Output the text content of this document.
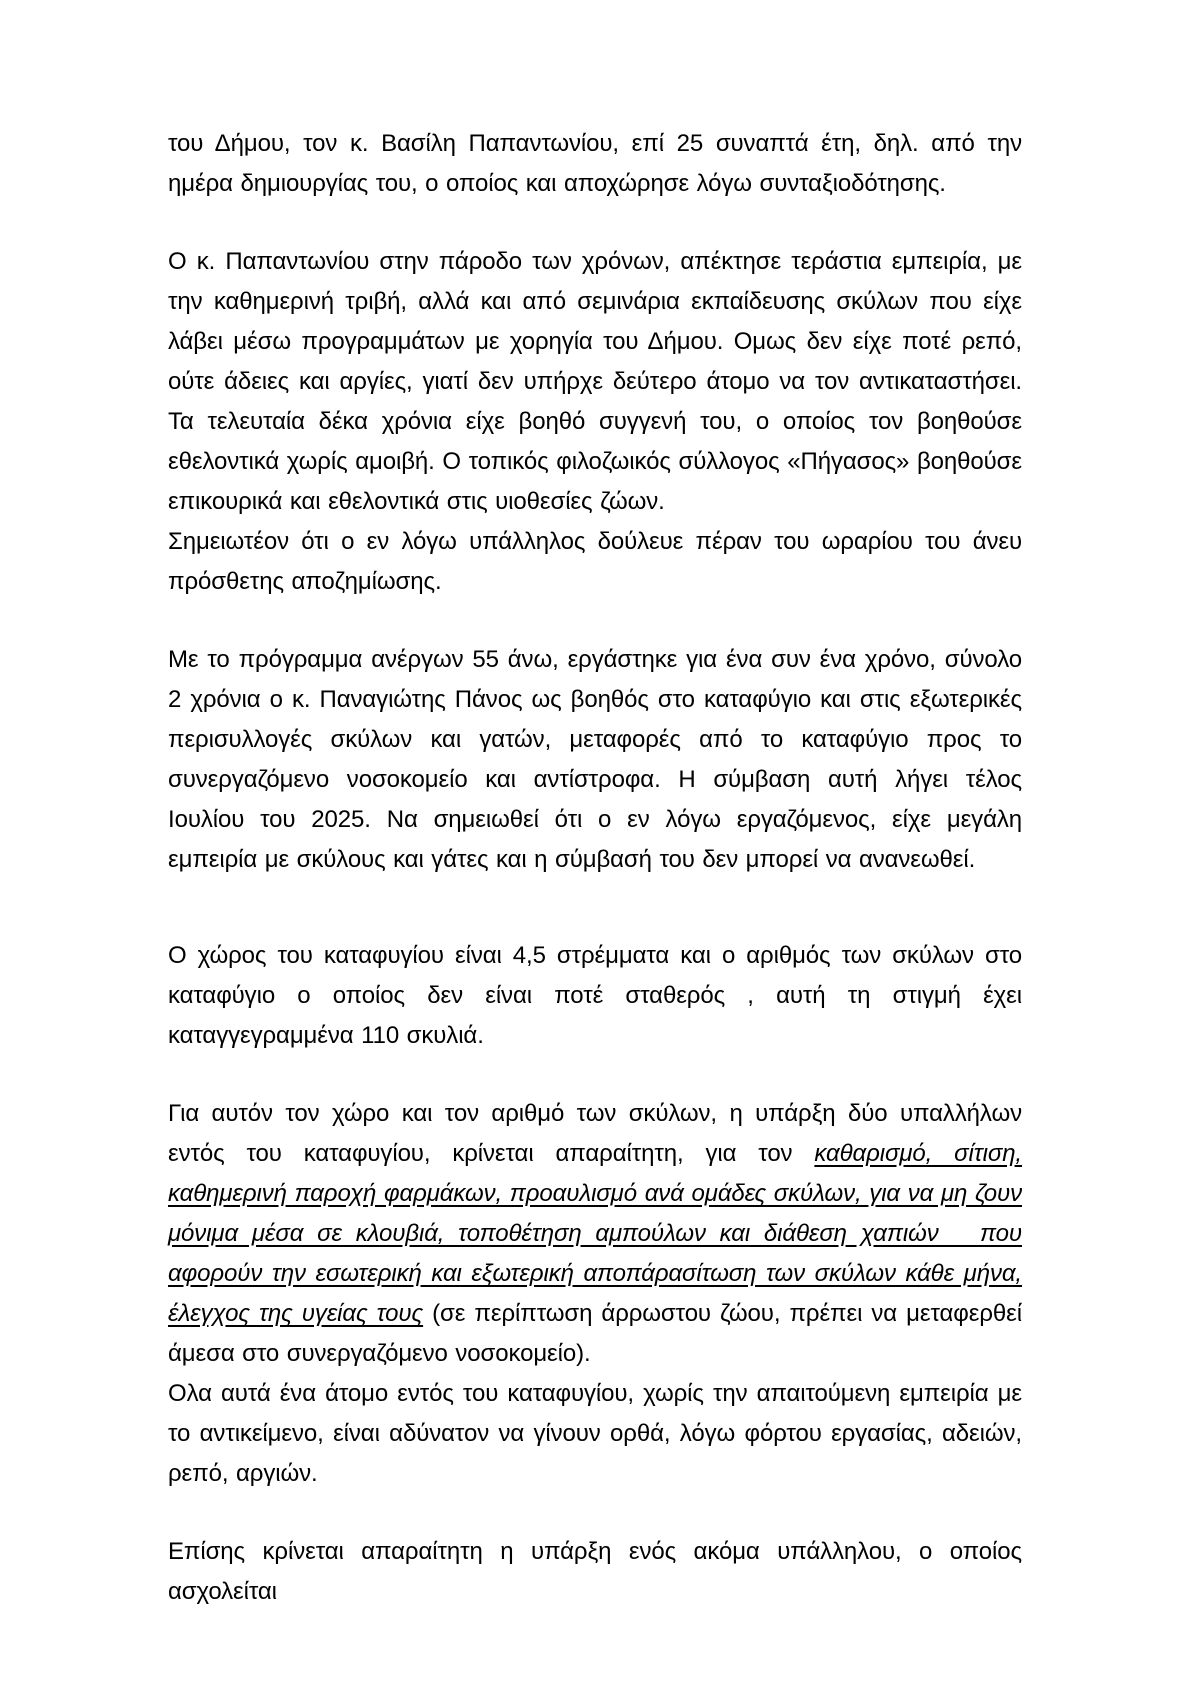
του Δήμου, τον κ. Βασίλη Παπαντωνίου, επί 25 συναπτά έτη, δηλ. από την ημέρα δημιουργίας του, ο οποίος και αποχώρησε λόγω συνταξιοδότησης.

Ο κ. Παπαντωνίου στην πάροδο των χρόνων, απέκτησε τεράστια εμπειρία, με την καθημερινή τριβή, αλλά και από σεμινάρια εκπαίδευσης σκύλων που είχε λάβει μέσω προγραμμάτων με χορηγία του Δήμου. Ομως δεν είχε ποτέ ρεπό, ούτε άδειες και αργίες, γιατί δεν υπήρχε δεύτερο άτομο να τον αντικαταστήσει. Τα τελευταία δέκα χρόνια είχε βοηθό συγγενή του, ο οποίος τον βοηθούσε εθελοντικά χωρίς αμοιβή. Ο τοπικός φιλοζωικός σύλλογος «Πήγασος» βοηθούσε επικουρικά και εθελοντικά στις υιοθεσίες ζώων.

Σημειωτέον ότι ο εν λόγω υπάλληλος δούλευε πέραν του ωραρίου του άνευ πρόσθετης αποζημίωσης.

Με το πρόγραμμα ανέργων 55 άνω, εργάστηκε για ένα συν ένα χρόνο, σύνολο 2 χρόνια ο κ. Παναγιώτης Πάνος ως βοηθός στο καταφύγιο και στις εξωτερικές περισυλλογές σκύλων και γατών, μεταφορές από το καταφύγιο προς το συνεργαζόμενο νοσοκομείο και αντίστροφα. Η σύμβαση αυτή λήγει τέλος Ιουλίου του 2025. Να σημειωθεί ότι ο εν λόγω εργαζόμενος, είχε μεγάλη εμπειρία με σκύλους και γάτες και η σύμβασή του δεν μπορεί να ανανεωθεί.

Ο χώρος του καταφυγίου είναι 4,5 στρέμματα και ο αριθμός των σκύλων στο καταφύγιο ο οποίος δεν είναι ποτέ σταθερός , αυτή τη στιγμή έχει καταγγεγραμμένα 110 σκυλιά.

Για αυτόν τον χώρο και τον αριθμό των σκύλων, η υπάρξη δύο υπαλλήλων εντός του καταφυγίου, κρίνεται απαραίτητη, για τον καθαρισμό, σίτιση, καθημερινή παροχή φαρμάκων, προαυλισμό ανά ομάδες σκύλων, για να μη ζουν μόνιμα μέσα σε κλουβιά, τοποθέτηση αμπούλων και διάθεση χαπιών   που αφορούν την εσωτερική και εξωτερική αποπάρασίτωση των σκύλων κάθε μήνα, έλεγχος της υγείας τους (σε περίπτωση άρρωστου ζώου, πρέπει να μεταφερθεί άμεσα στο συνεργαζόμενο νοσοκομείο).

Ολα αυτά ένα άτομο εντός του καταφυγίου, χωρίς την απαιτούμενη εμπειρία με το αντικείμενο, είναι αδύνατον να γίνουν ορθά, λόγω φόρτου εργασίας, αδειών, ρεπό, αργιών.

Επίσης κρίνεται απαραίτητη η υπάρξη ενός ακόμα υπάλληλου, ο οποίος ασχολείται
